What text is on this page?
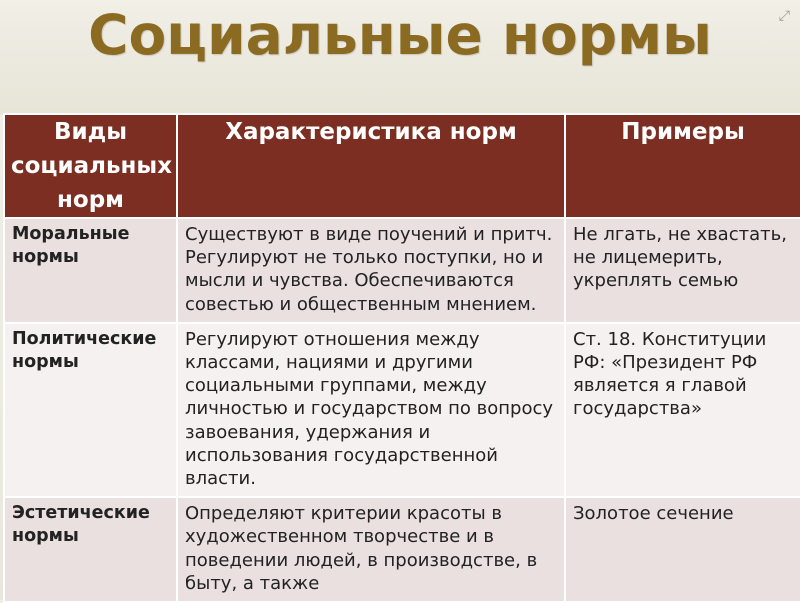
Социальные нормы	⤢
Виды социальных норм	Характеристика норм	Примеры
Моральные нормы	Существуют в виде поучений и притч. Регулируют не только поступки, но и мысли и чувства. Обеспечиваются совестью и общественным мнением.	Не лгать, не хвастать, не лицемерить, укреплять семью
Политические нормы	Регулируют отношения между классами, нациями и другими социальными группами, между личностью и государством по вопросу завоевания, удержания и использования государственной власти.	Ст. 18. Конституции РФ: «Президент РФ является я главой государства»
Эстетические нормы	Определяют критерии красоты в художественном творчестве и в поведении людей, в производстве, в быту, а также	Золотое сечение
